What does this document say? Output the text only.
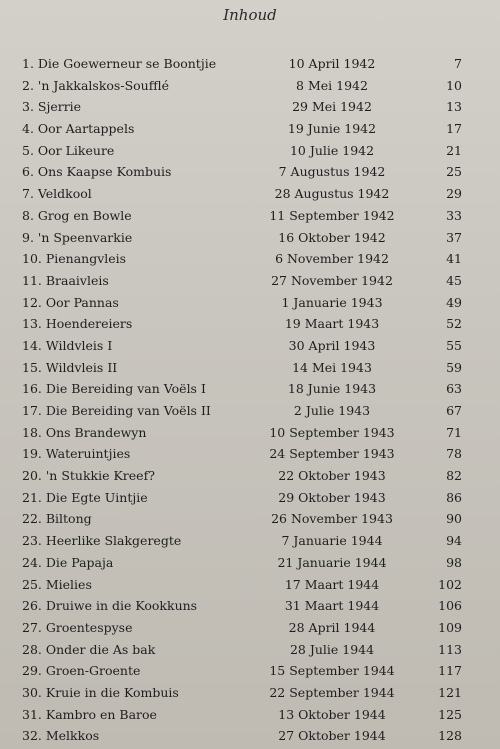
Inhoud
1. Die Goewerneur se Boontjie	10 April 1942	7
2. 'n Jakkalskos-Soufflé	8 Mei 1942	10
3. Sjerrie	29 Mei 1942	13
4. Oor Aartappels	19 Junie 1942	17
5. Oor Likeure	10 Julie 1942	21
6. Ons Kaapse Kombuis	7 Augustus 1942	25
7. Veldkool	28 Augustus 1942	29
8. Grog en Bowle	11 September 1942	33
9. 'n Speenvarkie	16 Oktober 1942	37
10. Pienangvleis	6 November 1942	41
11. Braaivleis	27 November 1942	45
12. Oor Pannas	1 Januarie 1943	49
13. Hoendereiers	19 Maart 1943	52
14. Wildvleis I	30 April 1943	55
15. Wildvleis II	14 Mei 1943	59
16. Die Bereiding van Voëls I	18 Junie 1943	63
17. Die Bereiding van Voëls II	2 Julie 1943	67
18. Ons Brandewyn	10 September 1943	71
19. Wateruintjies	24 September 1943	78
20. 'n Stukkie Kreef?	22 Oktober 1943	82
21. Die Egte Uintjie	29 Oktober 1943	86
22. Biltong	26 November 1943	90
23. Heerlike Slakgeregte	7 Januarie 1944	94
24. Die Papaja	21 Januarie 1944	98
25. Mielies	17 Maart 1944	102
26. Druiwe in die Kookkuns	31 Maart 1944	106
27. Groentespyse	28 April 1944	109
28. Onder die As bak	28 Julie 1944	113
29. Groen-Groente	15 September 1944	117
30. Kruie in die Kombuis	22 September 1944	121
31. Kambro en Baroe	13 Oktober 1944	125
32. Melkkos	27 Oktober 1944	128
